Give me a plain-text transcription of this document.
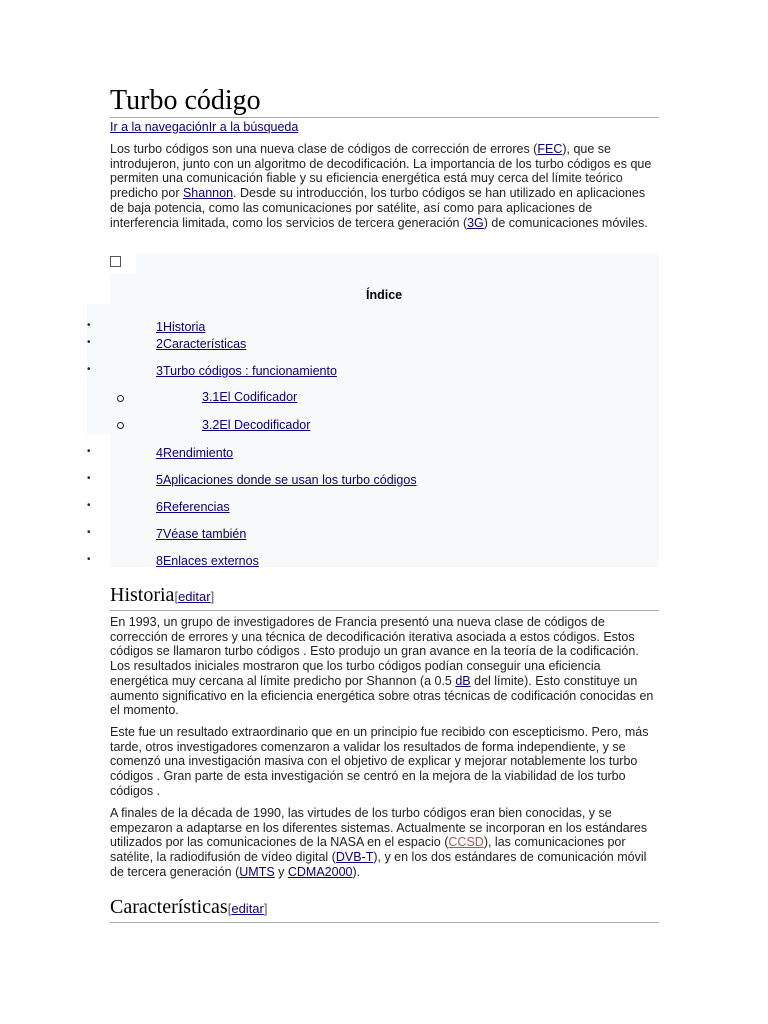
Turbo código
Ir a la navegaciónIr a la búsqueda

Los turbo códigos son una nueva clase de códigos de corrección de errores (FEC), que se introdujeron, junto con un algoritmo de decodificación. La importancia de los turbo códigos es que permiten una comunicación fiable y su eficiencia energética está muy cerca del límite teórico predicho por Shannon. Desde su introducción, los turbo códigos se han utilizado en aplicaciones de baja potencia, como las comunicaciones por satélite, así como para aplicaciones de interferencia limitada, como los servicios de tercera generación (3G) de comunicaciones móviles.

Historia[editar]

En 1993, un grupo de investigadores de Francia presentó una nueva clase de códigos de corrección de errores y una técnica de decodificación iterativa asociada a estos códigos. Estos códigos se llamaron turbo códigos . Esto produjo un gran avance en la teoría de la codificación. Los resultados iniciales mostraron que los turbo códigos podían conseguir una eficiencia energética muy cercana al límite predicho por Shannon (a 0.5 dB del límite). Esto constituye un aumento significativo en la eficiencia energética sobre otras técnicas de codificación conocidas en el momento.

Este fue un resultado extraordinario que en un principio fue recibido con escepticismo. Pero, más tarde, otros investigadores comenzaron a validar los resultados de forma independiente, y se comenzó una investigación masiva con el objetivo de explicar y mejorar notablemente los turbo códigos . Gran parte de esta investigación se centró en la mejora de la viabilidad de los turbo códigos .

A finales de la década de 1990, las virtudes de los turbo códigos eran bien conocidas, y se empezaron a adaptarse en los diferentes sistemas. Actualmente se incorporan en los estándares utilizados por las comunicaciones de la NASA en el espacio (CCSD), las comunicaciones por satélite, la radiodifusión de vídeo digital (DVB-T), y en los dos estándares de comunicación móvil de tercera generación (UMTS y CDMA2000).

Características[editar]
Índice
•	1Historia
•	2Características
•	3Turbo códigos : funcionamiento
3.1El Codificador
3.2El Decodificador
•	4Rendimiento
•	5Aplicaciones donde se usan los turbo códigos
•	6Referencias
•	7Véase también
•	8Enlaces externos
